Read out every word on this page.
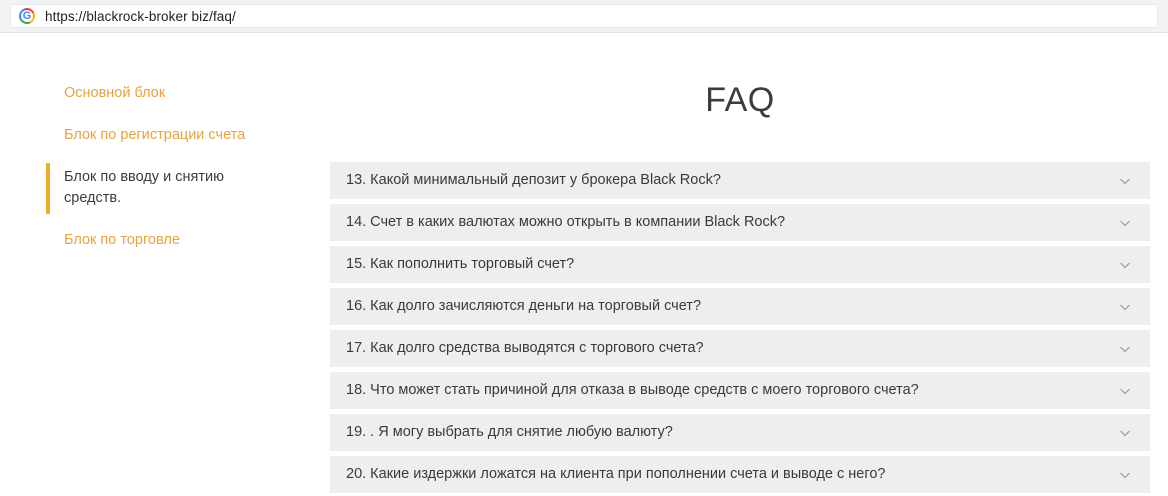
G
https://blackrock-broker biz/faq/
Основной блок
Блок по регистрации счета
Блок по вводу и снятию средств.
Блок по торговле
FAQ
13. Какой минимальный депозит у брокера Black Rock?
14. Счет в каких валютах можно открыть в компании Black Rock?
15. Как пополнить торговый счет?
16. Как долго зачисляются деньги на торговый счет?
17. Как долго средства выводятся с торгового счета?
18. Что может стать причиной для отказа в выводе средств с моего торгового счета?
19. . Я могу выбрать для снятие любую валюту?
20. Какие издержки ложатся на клиента при пополнении счета и выводе с него?
